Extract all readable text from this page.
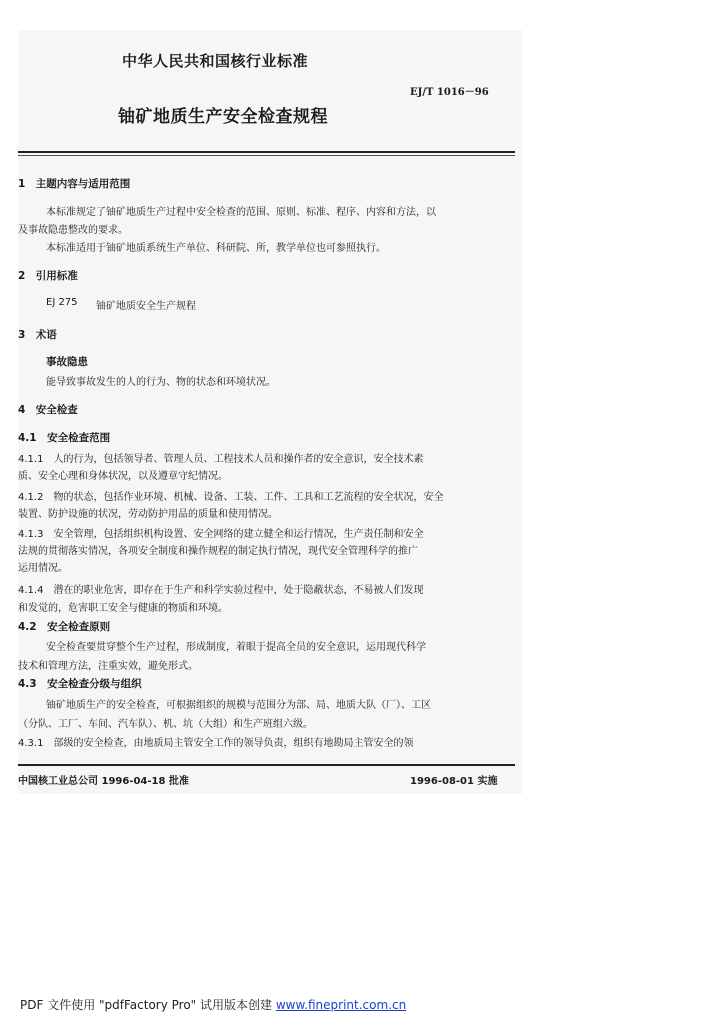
中华人民共和国核行业标准
EJ/T 1016－96
铀矿地质生产安全检查规程
1　主题内容与适用范围
本标准规定了铀矿地质生产过程中安全检查的范围、原则、标准、程序、内容和方法，以
及事故隐患整改的要求。
本标准适用于铀矿地质系统生产单位、科研院、所，教学单位也可参照执行。
2　引用标准
EJ 275 铀矿地质安全生产规程
3　术语
事故隐患
能导致事故发生的人的行为、物的状态和环境状况。
4　安全检查
4.1　安全检查范围
4.1.1　人的行为，包括领导者、管理人员、工程技术人员和操作者的安全意识，安全技术素
质、安全心理和身体状况，以及遵章守纪情况。
4.1.2　物的状态，包括作业环境、机械、设备、工装、工件、工具和工艺流程的安全状况，安全
装置、防护设施的状况，劳动防护用品的质量和使用情况。
4.1.3　安全管理，包括组织机构设置、安全网络的建立健全和运行情况，生产责任制和安全
法规的贯彻落实情况，各项安全制度和操作规程的制定执行情况，现代安全管理科学的推广
运用情况。
4.1.4　潜在的职业危害，即存在于生产和科学实验过程中，处于隐蔽状态，不易被人们发现
和发觉的，危害职工安全与健康的物质和环境。
4.2　安全检查原则
安全检查要贯穿整个生产过程，形成制度，着眼于提高全员的安全意识，运用现代科学
技术和管理方法，注重实效，避免形式。
4.3　安全检查分级与组织
铀矿地质生产的安全检查，可根据组织的规模与范围分为部、局、地质大队（厂）、工区
（分队、工厂、车间、汽车队）、机、坑（大组）和生产班组六级。
4.3.1　部级的安全检查，由地质局主管安全工作的领导负责，组织有地勘局主管安全的领
中国核工业总公司 1996-04-18 批准	1996-08-01 实施
PDF 文件使用 "pdfFactory Pro" 试用版本创建 www.fineprint.com.cn
